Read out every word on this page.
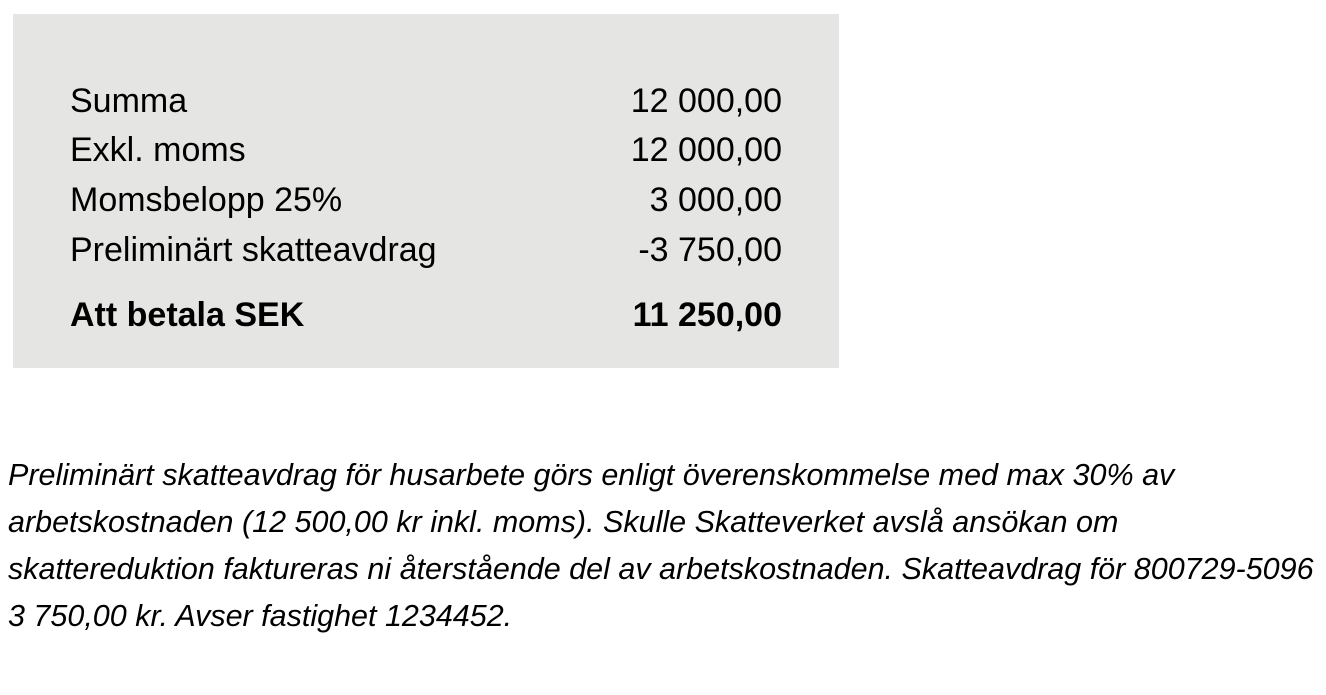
Summa	12 000,00
Exkl. moms	12 000,00
Momsbelopp 25%	3 000,00
Preliminärt skatteavdrag	-3 750,00
Att betala SEK	11 250,00

Preliminärt skatteavdrag för husarbete görs enligt överenskommelse med max 30% av arbetskostnaden (12 500,00 kr inkl. moms). Skulle Skatteverket avslå ansökan om skattereduktion faktureras ni återstående del av arbetskostnaden. Skatteavdrag för 800729-5096 3 750,00 kr. Avser fastighet 1234452.
